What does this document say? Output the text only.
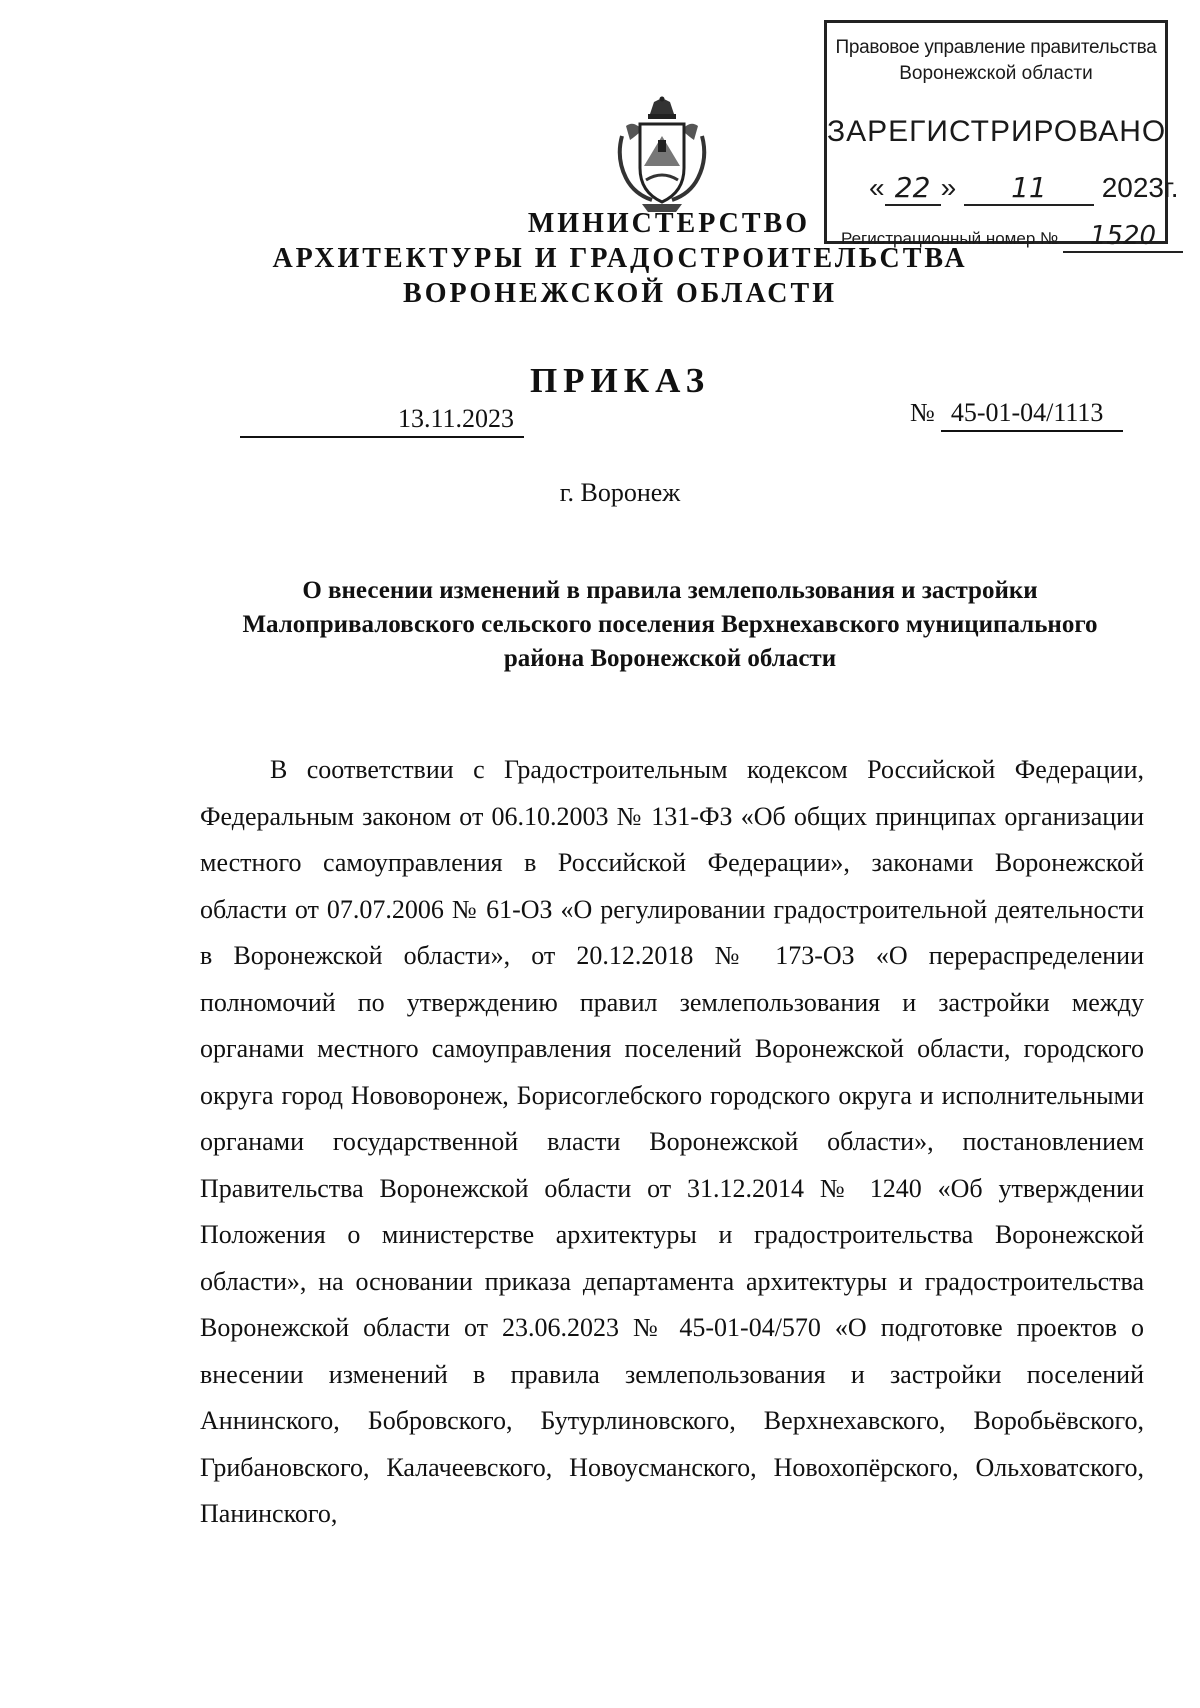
Правовое управление правительства
Воронежской области
ЗАРЕГИСТРИРОВАНО
« 22 » 11 2023г.
Регистрационный номер № 1520
МИНИСТЕРСТВО
АРХИТЕКТУРЫ И ГРАДОСТРОИТЕЛЬСТВА
ВОРОНЕЖСКОЙ ОБЛАСТИ
ПРИКАЗ
13.11.2023	№ 45-01-04/1113
г. Воронеж
О внесении изменений в правила землепользования и застройки Малоприваловского сельского поселения Верхнехавского муниципального района Воронежской области

В соответствии с Градостроительным кодексом Российской Федерации, Федеральным законом от 06.10.2003 № 131-ФЗ «Об общих принципах организации местного самоуправления в Российской Федерации», законами Воронежской области от 07.07.2006 № 61-ОЗ «О регулировании градостроительной деятельности в Воронежской области», от 20.12.2018 № 173-ОЗ «О перераспределении полномочий по утверждению правил землепользования и застройки между органами местного самоуправления поселений Воронежской области, городского округа город Нововоронеж, Борисоглебского городского округа и исполнительными органами государственной власти Воронежской области», постановлением Правительства Воронежской области от 31.12.2014 № 1240 «Об утверждении Положения о министерстве архитектуры и градостроительства Воронежской области», на основании приказа департамента архитектуры и градостроительства Воронежской области от 23.06.2023 № 45-01-04/570 «О подготовке проектов о внесении изменений в правила землепользования и застройки поселений Аннинского, Бобровского, Бутурлиновского, Верхнехавского, Воробьёвского, Грибановского, Калачеевского, Новоусманского, Новохопёрского, Ольховатского, Панинского,
